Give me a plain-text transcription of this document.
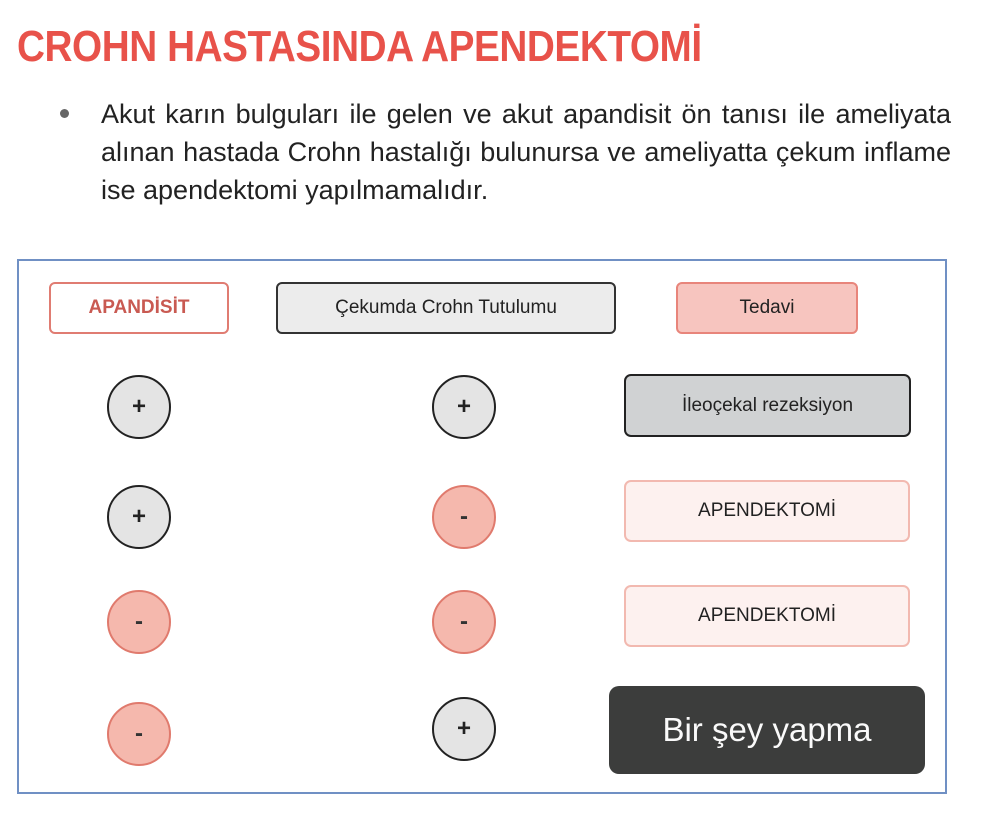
CROHN HASTASINDA APENDEKTOMİ
Akut karın bulguları ile gelen ve akut apandisit ön tanısı ile ameliyata alınan hastada Crohn hastalığı bulunursa ve ameliyatta çekum inflame ise apendektomi yapılmamalıdır.
APANDİSİT	Çekumda Crohn Tutulumu	Tedavi
+	+	İleoçekal rezeksiyon
+	-	APENDEKTOMİ
-	-	APENDEKTOMİ
-	+	Bir şey yapma
